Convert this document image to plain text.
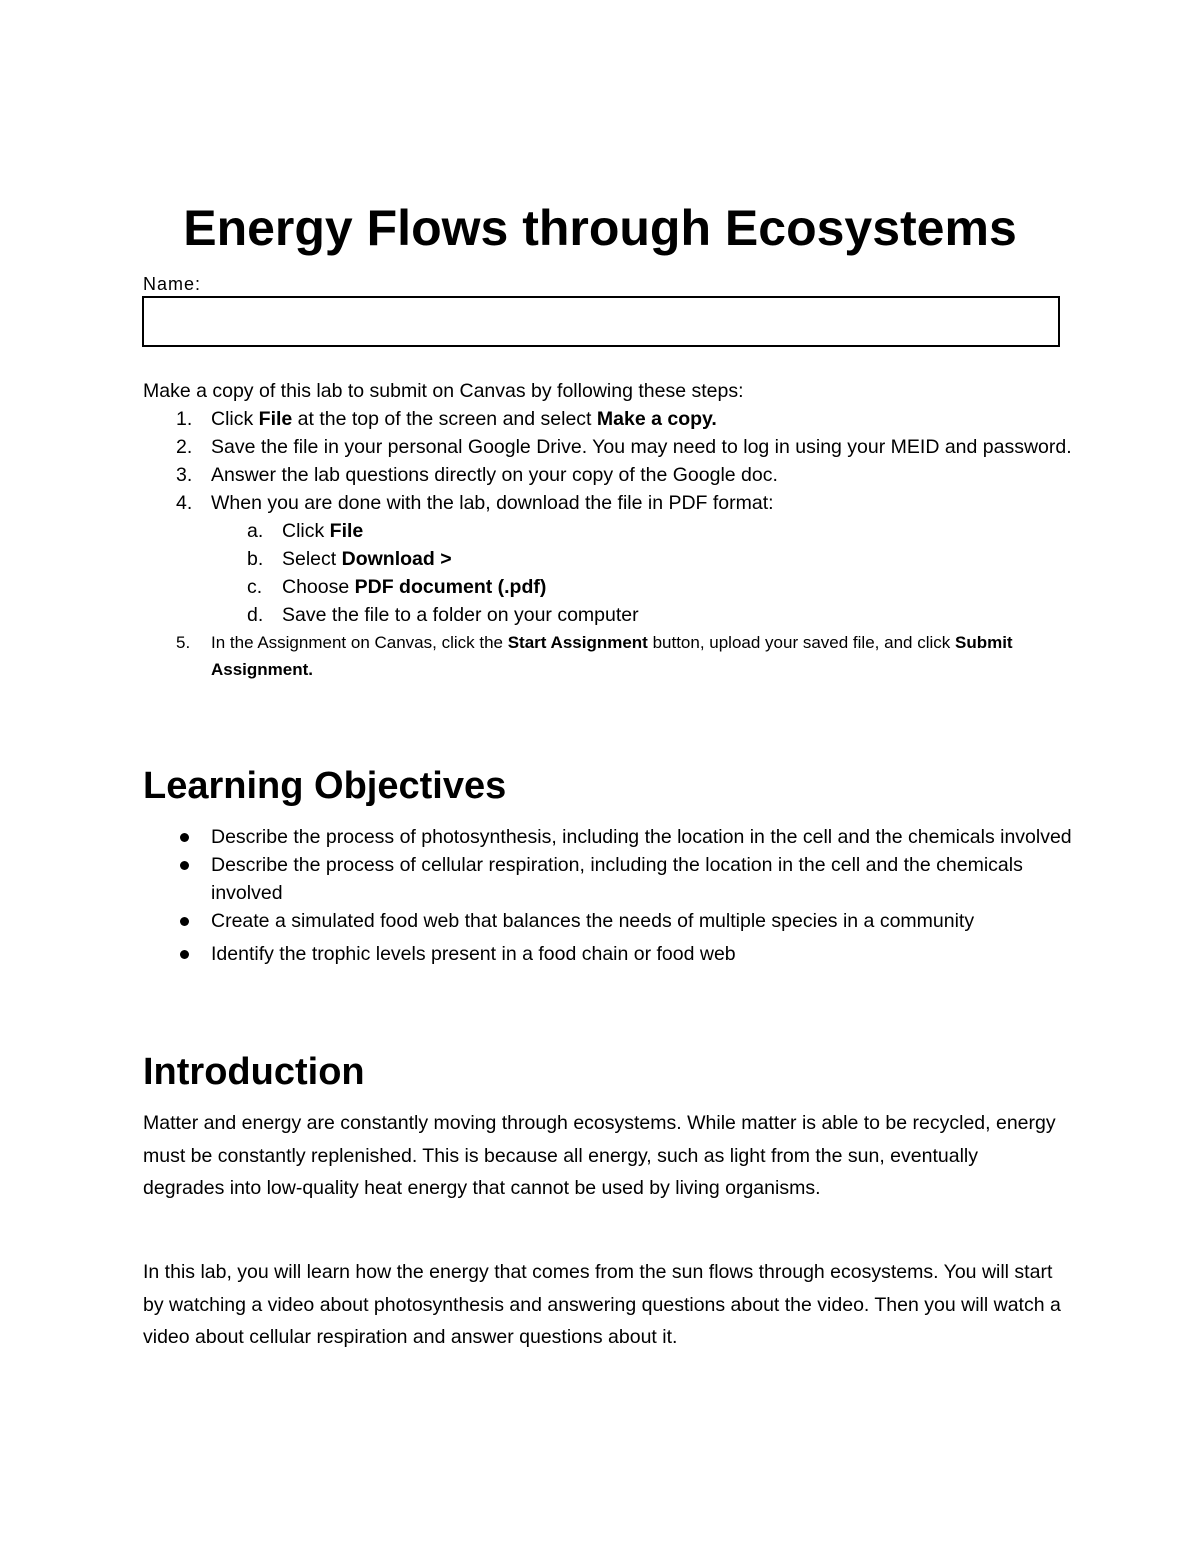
Energy Flows through Ecosystems
Name:
Make a copy of this lab to submit on Canvas by following these steps:
1. Click File at the top of the screen and select Make a copy.
2. Save the file in your personal Google Drive. You may need to log in using your MEID and password.
3. Answer the lab questions directly on your copy of the Google doc.
4. When you are done with the lab, download the file in PDF format:
a. Click File
b. Select Download >
c. Choose PDF document (.pdf)
d. Save the file to a folder on your computer
5. In the Assignment on Canvas, click the Start Assignment button, upload your saved file, and click Submit Assignment.
Learning Objectives
Describe the process of photosynthesis, including the location in the cell and the chemicals involved
Describe the process of cellular respiration, including the location in the cell and the chemicals involved
Create a simulated food web that balances the needs of multiple species in a community
Identify the trophic levels present in a food chain or food web
Introduction

Matter and energy are constantly moving through ecosystems. While matter is able to be recycled, energy must be constantly replenished. This is because all energy, such as light from the sun, eventually degrades into low-quality heat energy that cannot be used by living organisms.

In this lab, you will learn how the energy that comes from the sun flows through ecosystems. You will start by watching a video about photosynthesis and answering questions about the video. Then you will watch a video about cellular respiration and answer questions about it.
